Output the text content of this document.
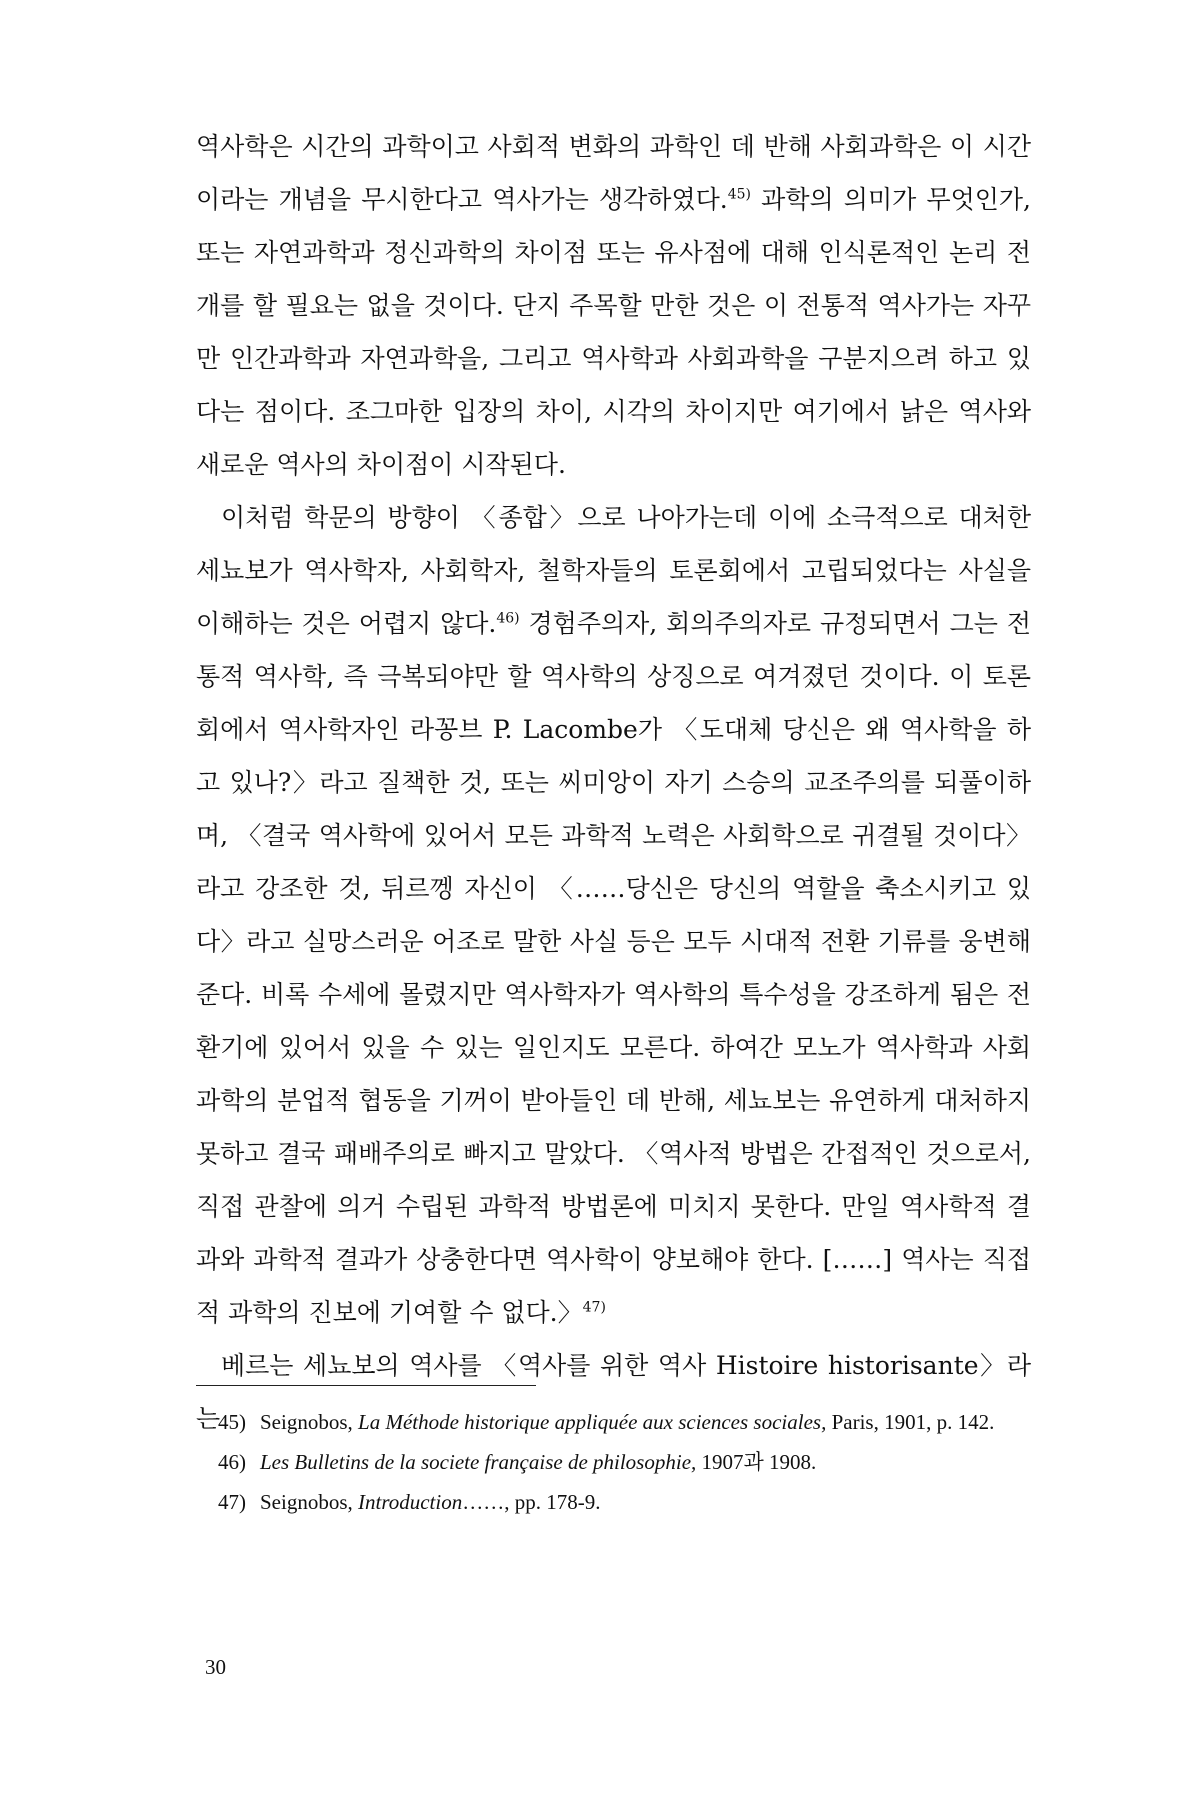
역사학은 시간의 과학이고 사회적 변화의 과학인 데 반해 사회과학은 이 시간이라는 개념을 무시한다고 역사가는 생각하였다.$^{45)}$ 과학의 의미가 무엇인가, 또는 자연과학과 정신과학의 차이점 또는 유사점에 대해 인식론적인 논리 전개를 할 필요는 없을 것이다. 단지 주목할 만한 것은 이 전통적 역사가는 자꾸만 인간과학과 자연과학을, 그리고 역사학과 사회과학을 구분지으려 하고 있다는 점이다. 조그마한 입장의 차이, 시각의 차이지만 여기에서 낡은 역사와 새로운 역사의 차이점이 시작된다.

이처럼 학문의 방향이 〈종합〉으로 나아가는데 이에 소극적으로 대처한 세뇨보가 역사학자, 사회학자, 철학자들의 토론회에서 고립되었다는 사실을 이해하는 것은 어렵지 않다.$^{46)}$ 경험주의자, 회의주의자로 규정되면서 그는 전통적 역사학, 즉 극복되야만 할 역사학의 상징으로 여겨졌던 것이다. 이 토론회에서 역사학자인 라꽁브 P. Lacombe가 〈도대체 당신은 왜 역사학을 하고 있나?〉라고 질책한 것, 또는 씨미앙이 자기 스승의 교조주의를 되풀이하며, 〈결국 역사학에 있어서 모든 과학적 노력은 사회학으로 귀결될 것이다〉라고 강조한 것, 뒤르껭 자신이 〈……당신은 당신의 역할을 축소시키고 있다〉라고 실망스러운 어조로 말한 사실 등은 모두 시대적 전환 기류를 웅변해 준다. 비록 수세에 몰렸지만 역사학자가 역사학의 특수성을 강조하게 됨은 전환기에 있어서 있을 수 있는 일인지도 모른다. 하여간 모노가 역사학과 사회과학의 분업적 협동을 기꺼이 받아들인 데 반해, 세뇨보는 유연하게 대처하지 못하고 결국 패배주의로 빠지고 말았다. 〈역사적 방법은 간접적인 것으로서, 직접 관찰에 의거 수립된 과학적 방법론에 미치지 못한다. 만일 역사학적 결과와 과학적 결과가 상충한다면 역사학이 양보해야 한다. [……] 역사는 직접적 과학의 진보에 기여할 수 없다.〉$^{47)}$

베르는 세뇨보의 역사를 〈역사를 위한 역사 Histoire historisante〉라는

45) Seignobos, La Méthode historique appliquée aux sciences sociales, Paris, 1901, p. 142.
46) Les Bulletins de la societe française de philosophie, 1907과 1908.
47) Seignobos, Introduction……, pp. 178-9.
30
